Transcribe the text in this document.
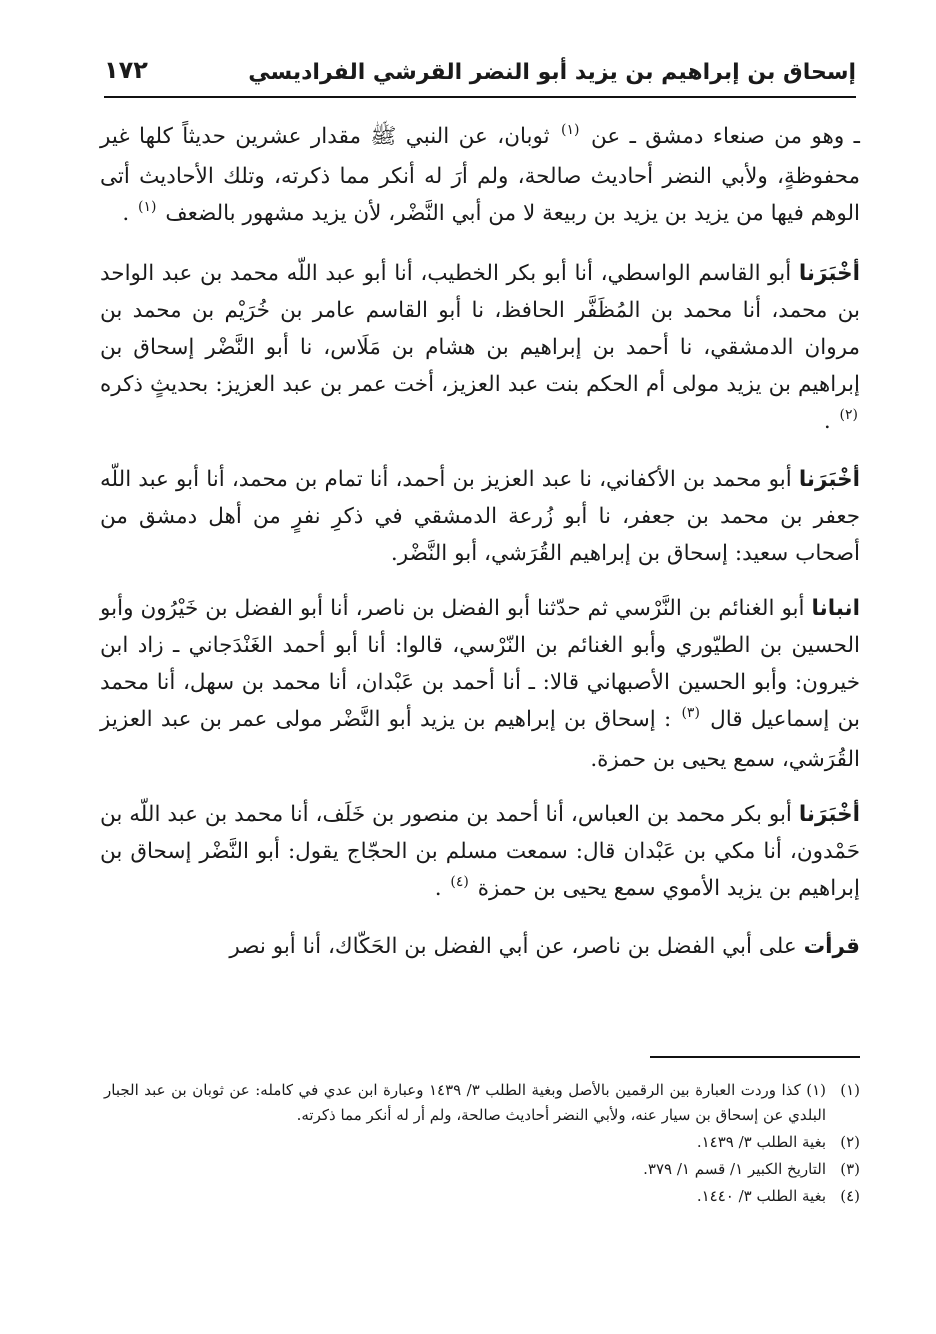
إسحاق بن إبراهيم بن يزيد أبو النضر القرشي الفراديسي
١٧٢

ـ وهو من صنعاء دمشق ـ عن $^{(١)}$ ثوبان، عن النبي ﷺ مقدار عشرين حديثاً كلها غير محفوظةٍ، ولأبي النضر أحاديث صالحة، ولم أرَ له أنكر مما ذكرته، وتلك الأحاديث أتى الوهم فيها من يزيد بن يزيد بن ربيعة لا من أبي النَّضْر، لأن يزيد مشهور بالضعف $^{(١)}$ .

أخْبَرَنا أبو القاسم الواسطي، أنا أبو بكر الخطيب، أنا أبو عبد اللّه محمد بن عبد الواحد بن محمد، أنا محمد بن المُظَفَّر الحافظ، نا أبو القاسم عامر بن خُرَيْم بن محمد بن مروان الدمشقي، نا أحمد بن إبراهيم بن هشام بن مَلَاس، نا أبو النَّضْر إسحاق بن إبراهيم بن يزيد مولى أم الحكم بنت عبد العزيز، أخت عمر بن عبد العزيز: بحديثٍ ذكره $^{(٢)}$ .

أخْبَرَنا أبو محمد بن الأكفاني، نا عبد العزيز بن أحمد، أنا تمام بن محمد، أنا أبو عبد اللّه جعفر بن محمد بن جعفر، نا أبو زُرعة الدمشقي في ذكرِ نفرٍ من أهل دمشق من أصحاب سعيد: إسحاق بن إبراهيم القُرَشي، أبو النَّضْر.

انبانا أبو الغنائم بن النَّرْسي ثم حدّثنا أبو الفضل بن ناصر، أنا أبو الفضل بن خَيْرُون وأبو الحسين بن الطيّوري وأبو الغنائم بن النّرْسي، قالوا: أنا أبو أحمد الغَنْدَجاني ـ زاد ابن خيرون: وأبو الحسين الأصبهاني قالا: ـ أنا أحمد بن عَبْدان، أنا محمد بن سهل، أنا محمد بن إسماعيل قال $^{(٣)}$ : إسحاق بن إبراهيم بن يزيد أبو النَّضْر مولى عمر بن عبد العزيز القُرَشي، سمع يحيى بن حمزة.

أخْبَرَنا أبو بكر محمد بن العباس، أنا أحمد بن منصور بن خَلَف، أنا محمد بن عبد اللّه بن حَمْدون، أنا مكي بن عَبْدان قال: سمعت مسلم بن الحجّاج يقول: أبو النَّضْر إسحاق بن إبراهيم بن يزيد الأموي سمع يحيى بن حمزة $^{(٤)}$ .

قرأت على أبي الفضل بن ناصر، عن أبي الفضل بن الحَكّاك، أنا أبو نصر

(١)
(١) كذا وردت العبارة بين الرقمين بالأصل وبغية الطلب ٣/ ١٤٣٩ وعبارة ابن عدي في كامله: عن ثوبان بن عبد الجبار البلدي عن إسحاق بن سيار عنه، ولأبي النضر أحاديث صالحة، ولم أر له أنكر مما ذكرته.
(٢)
بغية الطلب ٣/ ١٤٣٩.
(٣)
التاريخ الكبير ١/ قسم ١/ ٣٧٩.
(٤)
بغية الطلب ٣/ ١٤٤٠.
